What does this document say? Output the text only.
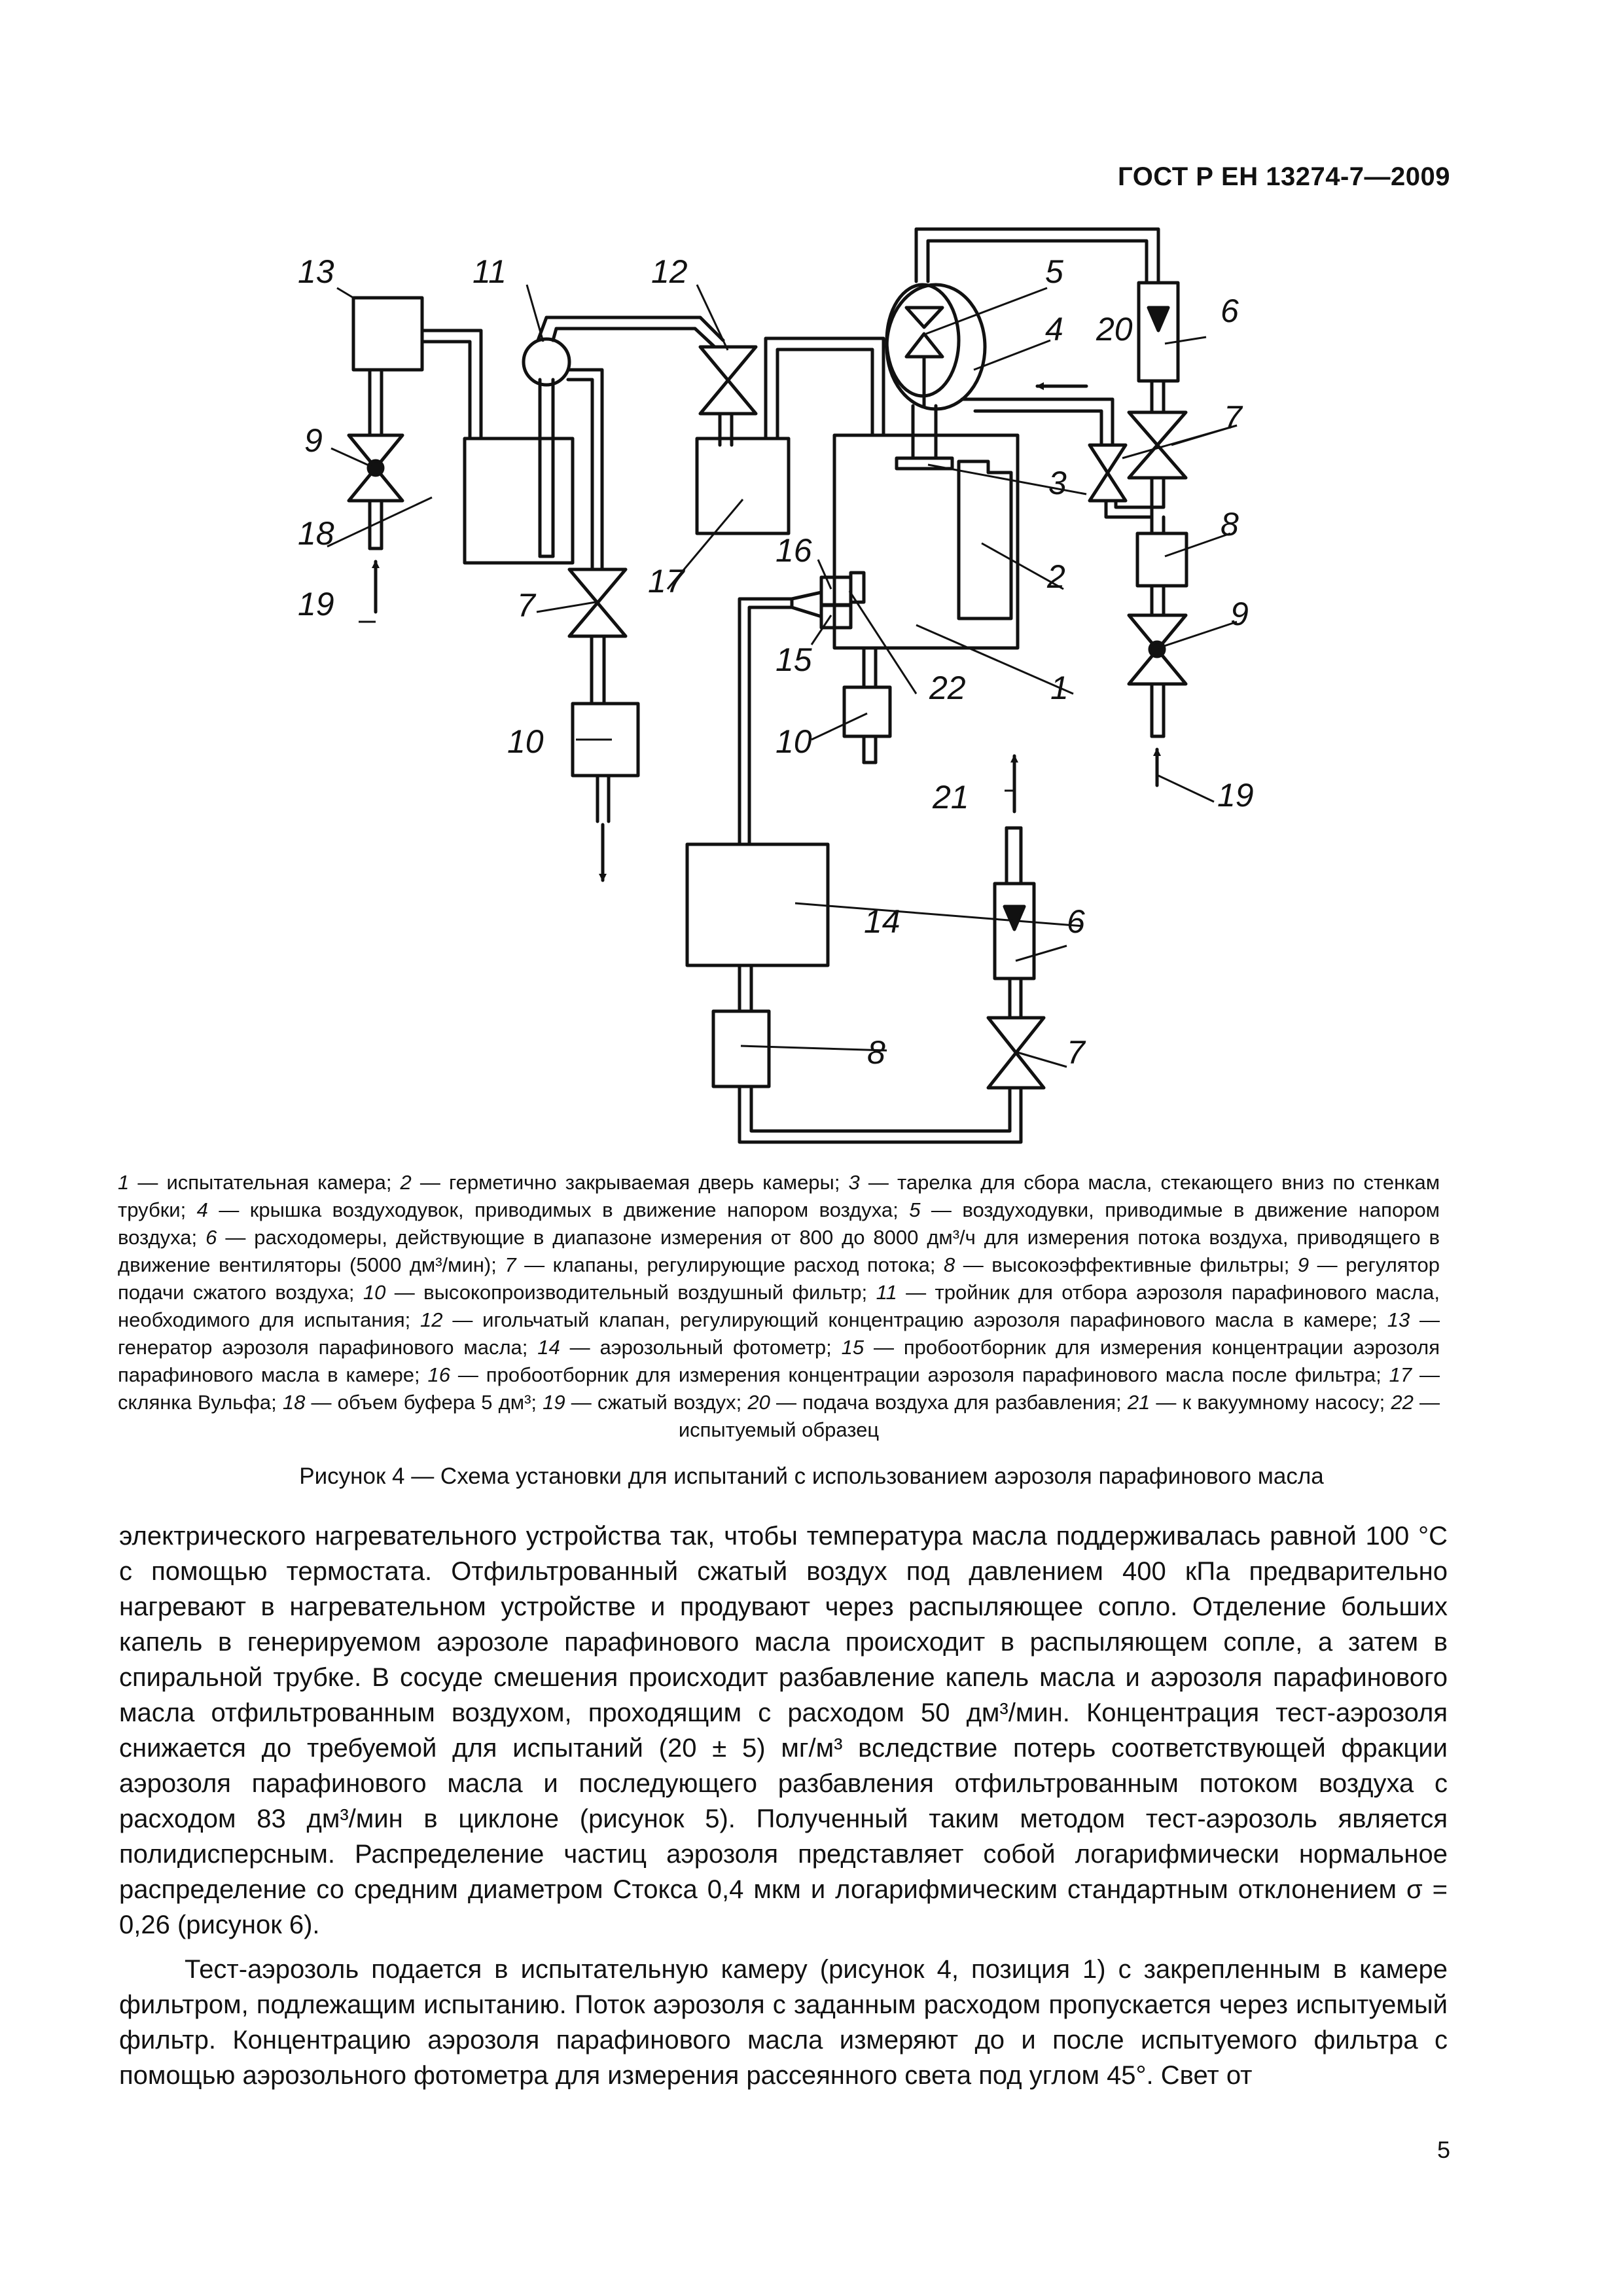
ГОСТ Р ЕН 13274-7—2009
13	11	12	5
6
4 20
7
9
3
18	8
16
2
17
19	7	9
15
22	1
10	10
21	19
6
14
8	7

1 — испытательная камера; 2 — герметично закрываемая дверь камеры; 3 — тарелка для сбора масла, стекающего вниз по стенкам трубки; 4 — крышка воздуходувок, приводимых в движение напором воздуха; 5 — воздуходувки, приводимые в движение напором воздуха; 6 — расходомеры, действующие в диапазоне измерения от 800 до 8000 дм³/ч для измерения потока воздуха, приводящего в движение вентиляторы (5000 дм³/мин); 7 — клапаны, регулирующие расход потока; 8 — высокоэффективные фильтры; 9 — регулятор подачи сжатого воздуха; 10 — высокопроизводительный воздушный фильтр; 11 — тройник для отбора аэрозоля парафинового масла, необходимого для испытания; 12 — игольчатый клапан, регулирующий концентрацию аэрозоля парафинового масла в камере; 13 — генератор аэрозоля парафинового масла; 14 — аэрозольный фотометр; 15 — пробоотборник для измерения концентрации аэрозоля парафинового масла в камере; 16 — пробоотборник для измерения концентрации аэрозоля парафинового масла после фильтра; 17 — склянка Вульфа; 18 — объем буфера 5 дм³; 19 — сжатый воздух; 20 — подача воздуха для разбавления; 21 — к вакуумному насосу; 22 — испытуемый образец

Рисунок 4 — Схема установки для испытаний с использованием аэрозоля парафинового масла

электрического нагревательного устройства так, чтобы температура масла поддерживалась равной 100 °С с помощью термостата. Отфильтрованный сжатый воздух под давлением 400 кПа предварительно нагревают в нагревательном устройстве и продувают через распыляющее сопло. Отделение больших капель в генерируемом аэрозоле парафинового масла происходит в распыляющем сопле, а затем в спиральной трубке. В сосуде смешения происходит разбавление капель масла и аэрозоля парафинового масла отфильтрованным воздухом, проходящим с расходом 50 дм³/мин. Концентрация тест-аэрозоля снижается до требуемой для испытаний (20 ± 5) мг/м³ вследствие потерь соответствующей фракции аэрозоля парафинового масла и последующего разбавления отфильтрованным потоком воздуха с расходом 83 дм³/мин в циклоне (рисунок 5). Полученный таким методом тест-аэрозоль является полидисперсным. Распределение частиц аэрозоля представляет собой логарифмически нормальное распределение со средним диаметром Стокса 0,4 мкм и логарифмическим стандартным отклонением σ = 0,26 (рисунок 6).

Тест-аэрозоль подается в испытательную камеру (рисунок 4, позиция 1) с закрепленным в камере фильтром, подлежащим испытанию. Поток аэрозоля с заданным расходом пропускается через испытуемый фильтр. Концентрацию аэрозоля парафинового масла измеряют до и после испытуемого фильтра с помощью аэрозольного фотометра для измерения рассеянного света под углом 45°. Свет от

5
